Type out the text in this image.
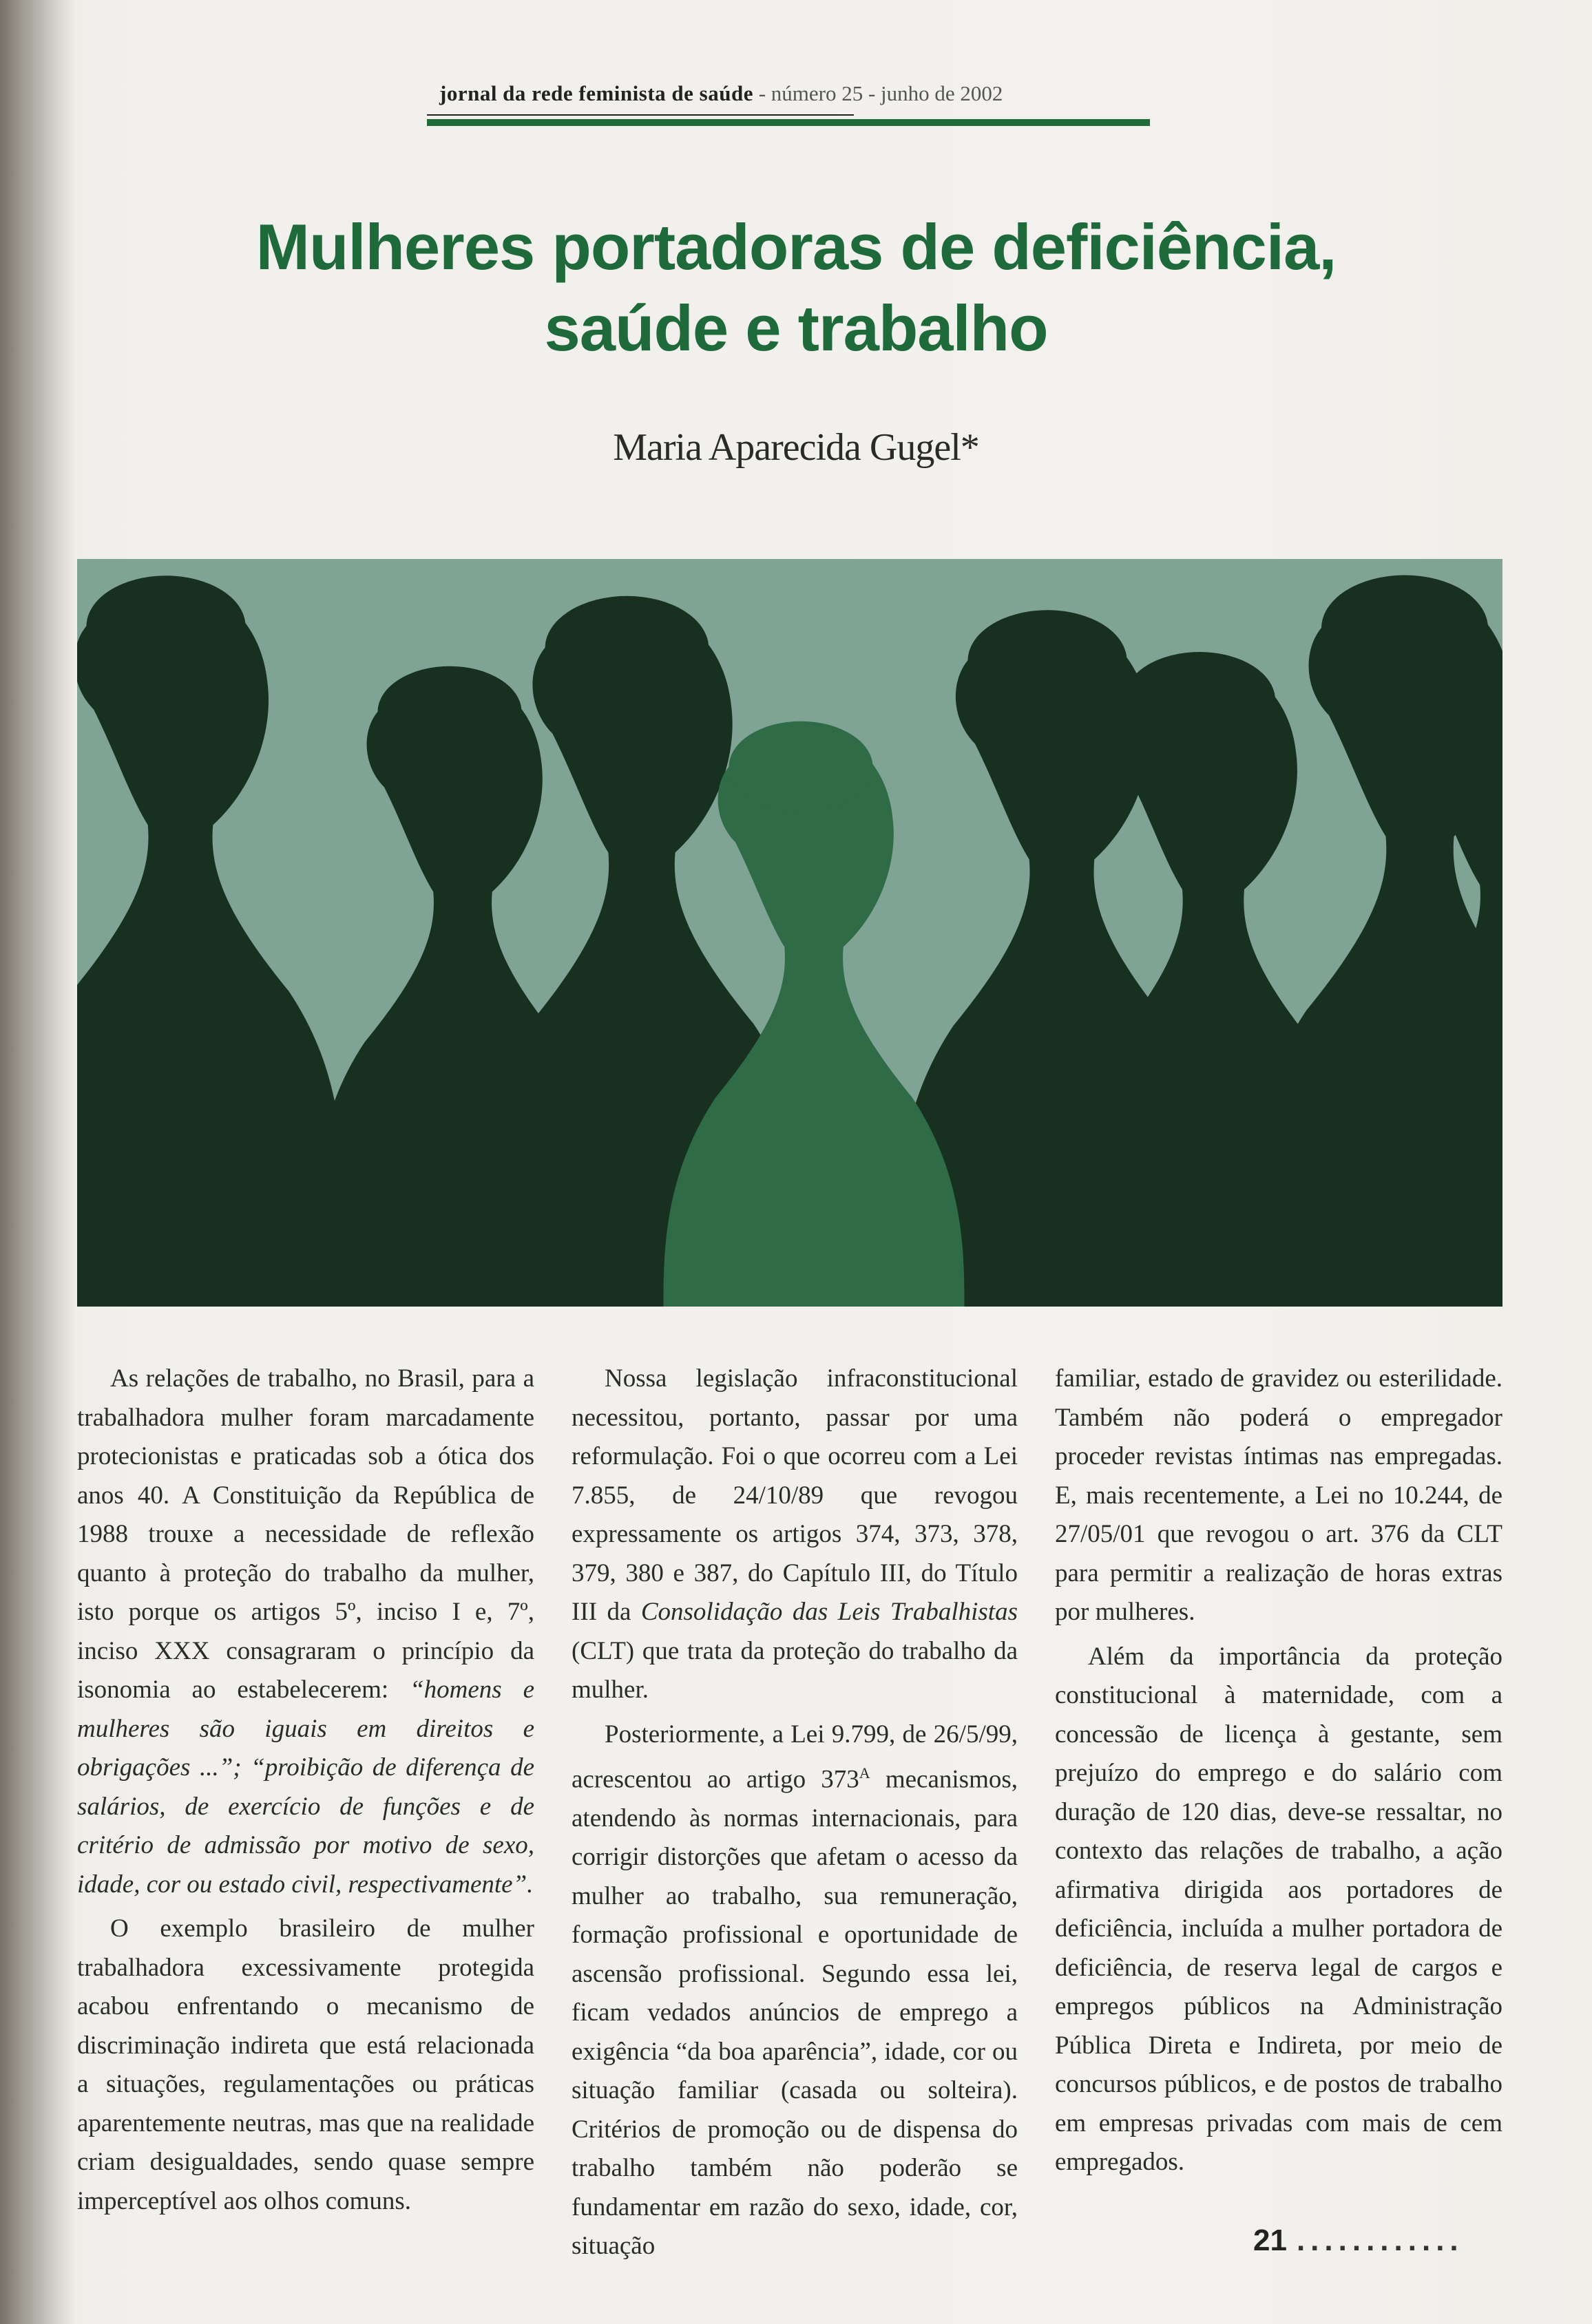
jornal da rede feminista de saúde - número 25 - junho de 2002
Mulheres portadoras de deficiência,
saúde e trabalho
Maria Aparecida Gugel*

As relações de trabalho, no Brasil, para a trabalhadora mulher foram marcadamente protecionistas e praticadas sob a ótica dos anos 40. A Constituição da República de 1988 trouxe a necessidade de reflexão quanto à proteção do trabalho da mulher, isto porque os artigos 5º, inciso I e, 7º, inciso XXX consagraram o princípio da isonomia ao estabelecerem: “homens e mulheres são iguais em direitos e obrigações ...”; “proibição de diferença de salários, de exercício de funções e de critério de admissão por motivo de sexo, idade, cor ou estado civil, respectivamente”.

O exemplo brasileiro de mulher trabalhadora excessivamente protegida acabou enfrentando o mecanismo de discriminação indireta que está relacionada a situações, regulamentações ou práticas aparentemente neutras, mas que na realidade criam desigualdades, sendo quase sempre imperceptível aos olhos comuns.

Nossa legislação infraconstitucional necessitou, portanto, passar por uma reformulação. Foi o que ocorreu com a Lei 7.855, de 24/10/89 que revogou expressamente os artigos 374, 373, 378, 379, 380 e 387, do Capítulo III, do Título III da Consolidação das Leis Trabalhistas (CLT) que trata da proteção do trabalho da mulher.

Posteriormente, a Lei 9.799, de 26/5/99, acrescentou ao artigo $373^A$ mecanismos, atendendo às normas internacionais, para corrigir distorções que afetam o acesso da mulher ao trabalho, sua remuneração, formação profissional e oportunidade de ascensão profissional. Segundo essa lei, ficam vedados anúncios de emprego a exigência “da boa aparência”, idade, cor ou situação familiar (casada ou solteira). Critérios de promoção ou de dispensa do trabalho também não poderão se fundamentar em razão do sexo, idade, cor, situação

familiar, estado de gravidez ou esterilidade. Também não poderá o empregador proceder revistas íntimas nas empregadas. E, mais recentemente, a Lei no 10.244, de 27/05/01 que revogou o art. 376 da CLT para permitir a realização de horas extras por mulheres.

Além da importância da proteção constitucional à maternidade, com a concessão de licença à gestante, sem prejuízo do emprego e do salário com duração de 120 dias, deve-se ressaltar, no contexto das relações de trabalho, a ação afirmativa dirigida aos portadores de deficiência, incluída a mulher portadora de deficiência, de reserva legal de cargos e empregos públicos na Administração Pública Direta e Indireta, por meio de concursos públicos, e de postos de trabalho em empresas privadas com mais de cem empregados.

21 ............
